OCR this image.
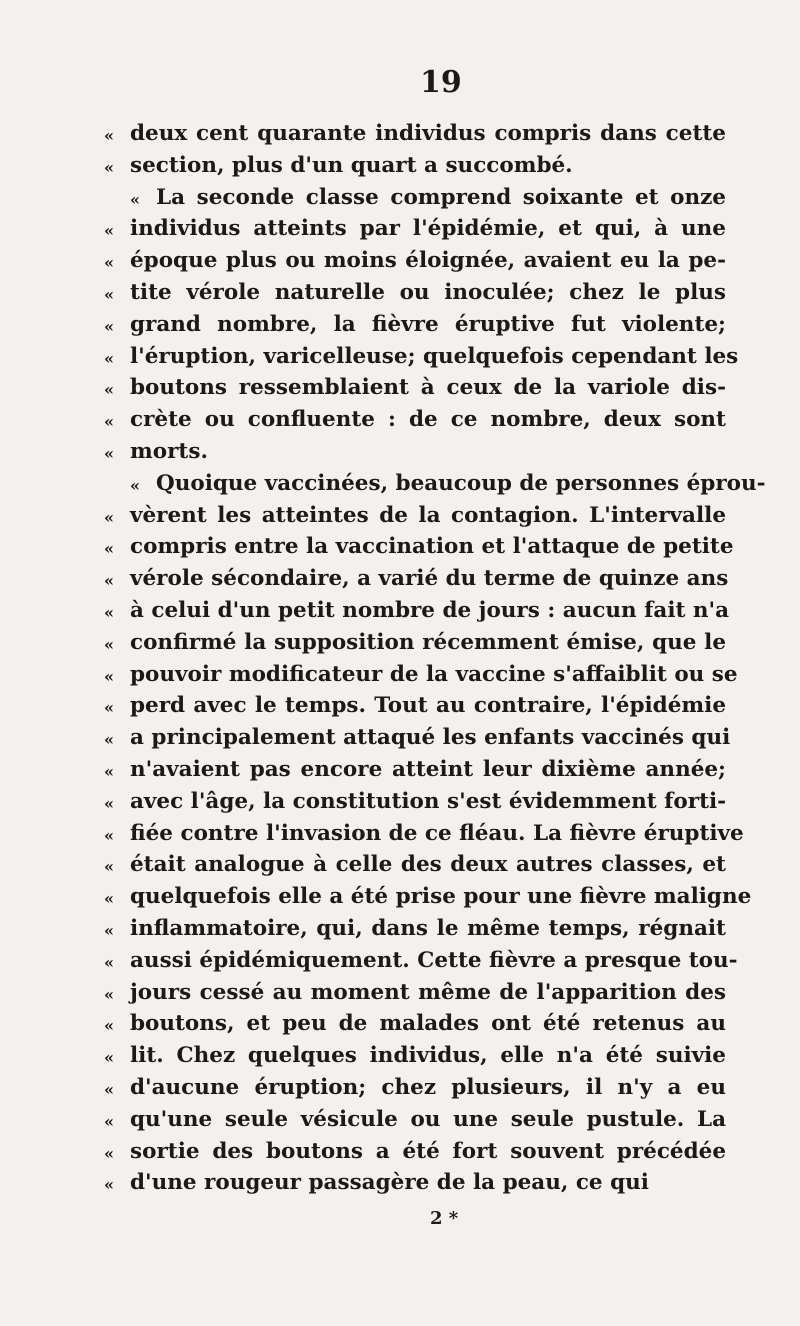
19
« deux cent quarante individus compris dans cette
« section, plus d'un quart a succombé.
« La seconde classe comprend soixante et onze
« individus atteints par l'épidémie, et qui, à une
« époque plus ou moins éloignée, avaient eu la pe-
« tite vérole naturelle ou inoculée; chez le plus
« grand nombre, la fièvre éruptive fut violente;
« l'éruption, varicelleuse; quelquefois cependant les
« boutons ressemblaient à ceux de la variole dis-
« crète ou confluente : de ce nombre, deux sont
« morts.
« Quoique vaccinées, beaucoup de personnes éprou-
« vèrent les atteintes de la contagion. L'intervalle
« compris entre la vaccination et l'attaque de petite
« vérole sécondaire, a varié du terme de quinze ans
« à celui d'un petit nombre de jours : aucun fait n'a
« confirmé la supposition récemment émise, que le
« pouvoir modificateur de la vaccine s'affaiblit ou se
« perd avec le temps. Tout au contraire, l'épidémie
« a principalement attaqué les enfants vaccinés qui
« n'avaient pas encore atteint leur dixième année;
« avec l'âge, la constitution s'est évidemment forti-
« fiée contre l'invasion de ce fléau. La fièvre éruptive
« était analogue à celle des deux autres classes, et
« quelquefois elle a été prise pour une fièvre maligne
« inflammatoire, qui, dans le même temps, régnait
« aussi épidémiquement. Cette fièvre a presque tou-
« jours cessé au moment même de l'apparition des
« boutons, et peu de malades ont été retenus au
« lit. Chez quelques individus, elle n'a été suivie
« d'aucune éruption; chez plusieurs, il n'y a eu
« qu'une seule vésicule ou une seule pustule. La
« sortie des boutons a été fort souvent précédée
« d'une rougeur passagère de la peau, ce qui
2 *
